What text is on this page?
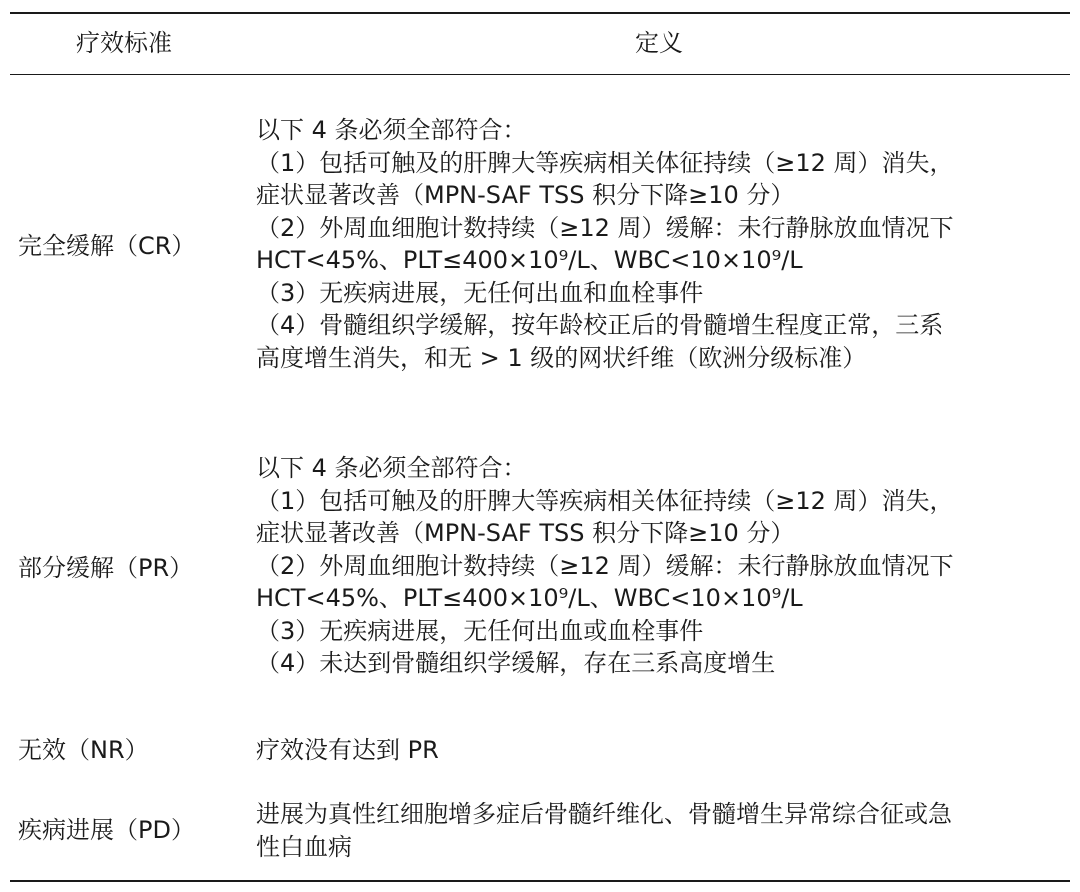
疗效标准	定义
完全缓解（CR）
以下 4 条必须全部符合：
（1）包括可触及的肝脾大等疾病相关体征持续（≥12 周）消失，
症状显著改善（MPN-SAF TSS 积分下降≥10 分）
（2）外周血细胞计数持续（≥12 周）缓解：未行静脉放血情况下
HCT<45%、PLT≤400×10⁹/L、WBC<10×10⁹/L
（3）无疾病进展，无任何出血和血栓事件
（4）骨髓组织学缓解，按年龄校正后的骨髓增生程度正常，三系
高度增生消失，和无 > 1 级的网状纤维（欧洲分级标准）
部分缓解（PR）
以下 4 条必须全部符合：
（1）包括可触及的肝脾大等疾病相关体征持续（≥12 周）消失，
症状显著改善（MPN-SAF TSS 积分下降≥10 分）
（2）外周血细胞计数持续（≥12 周）缓解：未行静脉放血情况下
HCT<45%、PLT≤400×10⁹/L、WBC<10×10⁹/L
（3）无疾病进展，无任何出血或血栓事件
（4）未达到骨髓组织学缓解，存在三系高度增生
无效（NR）	疗效没有达到 PR
疾病进展（PD）
进展为真性红细胞增多症后骨髓纤维化、骨髓增生异常综合征或急
性白血病
